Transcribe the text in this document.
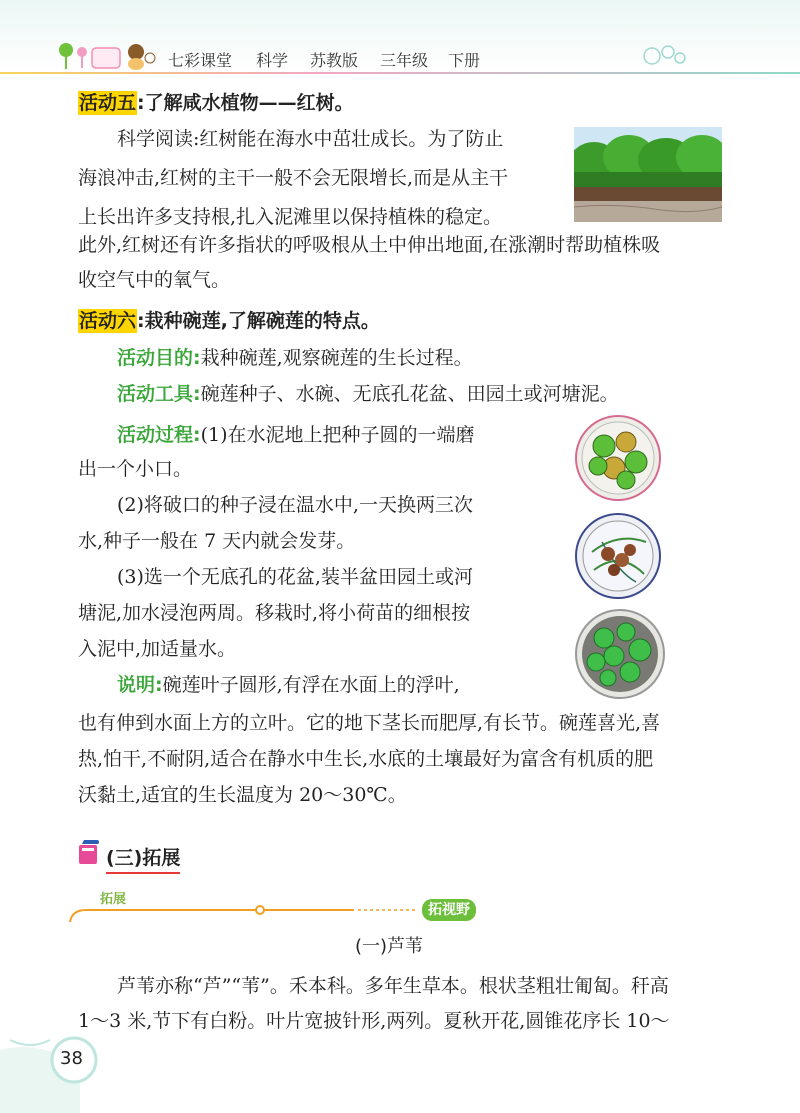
七彩课堂 科学 苏教版 三年级 下册
活动五:了解咸水植物——红树。
科学阅读:红树能在海水中茁壮成长。为了防止
海浪冲击,红树的主干一般不会无限增长,而是从主干
上长出许多支持根,扎入泥滩里以保持植株的稳定。
此外,红树还有许多指状的呼吸根从土中伸出地面,在涨潮时帮助植株吸
收空气中的氧气。
活动六:栽种碗莲,了解碗莲的特点。
活动目的:栽种碗莲,观察碗莲的生长过程。
活动工具:碗莲种子、水碗、无底孔花盆、田园土或河塘泥。
活动过程:(1)在水泥地上把种子圆的一端磨
出一个小口。
(2)将破口的种子浸在温水中,一天换两三次
水,种子一般在 7 天内就会发芽。
(3)选一个无底孔的花盆,装半盆田园土或河
塘泥,加水浸泡两周。移栽时,将小荷苗的细根按
入泥中,加适量水。
说明:碗莲叶子圆形,有浮在水面上的浮叶,
也有伸到水面上方的立叶。它的地下茎长而肥厚,有长节。碗莲喜光,喜
热,怕干,不耐阴,适合在静水中生长,水底的土壤最好为富含有机质的肥
沃黏土,适宜的生长温度为 20～30℃。
(三)拓展
拓展
拓视野
(一)芦苇
芦苇亦称“芦”“苇”。禾本科。多年生草本。根状茎粗壮匍匐。秆高
1～3 米,节下有白粉。叶片宽披针形,两列。夏秋开花,圆锥花序长 10～
38
